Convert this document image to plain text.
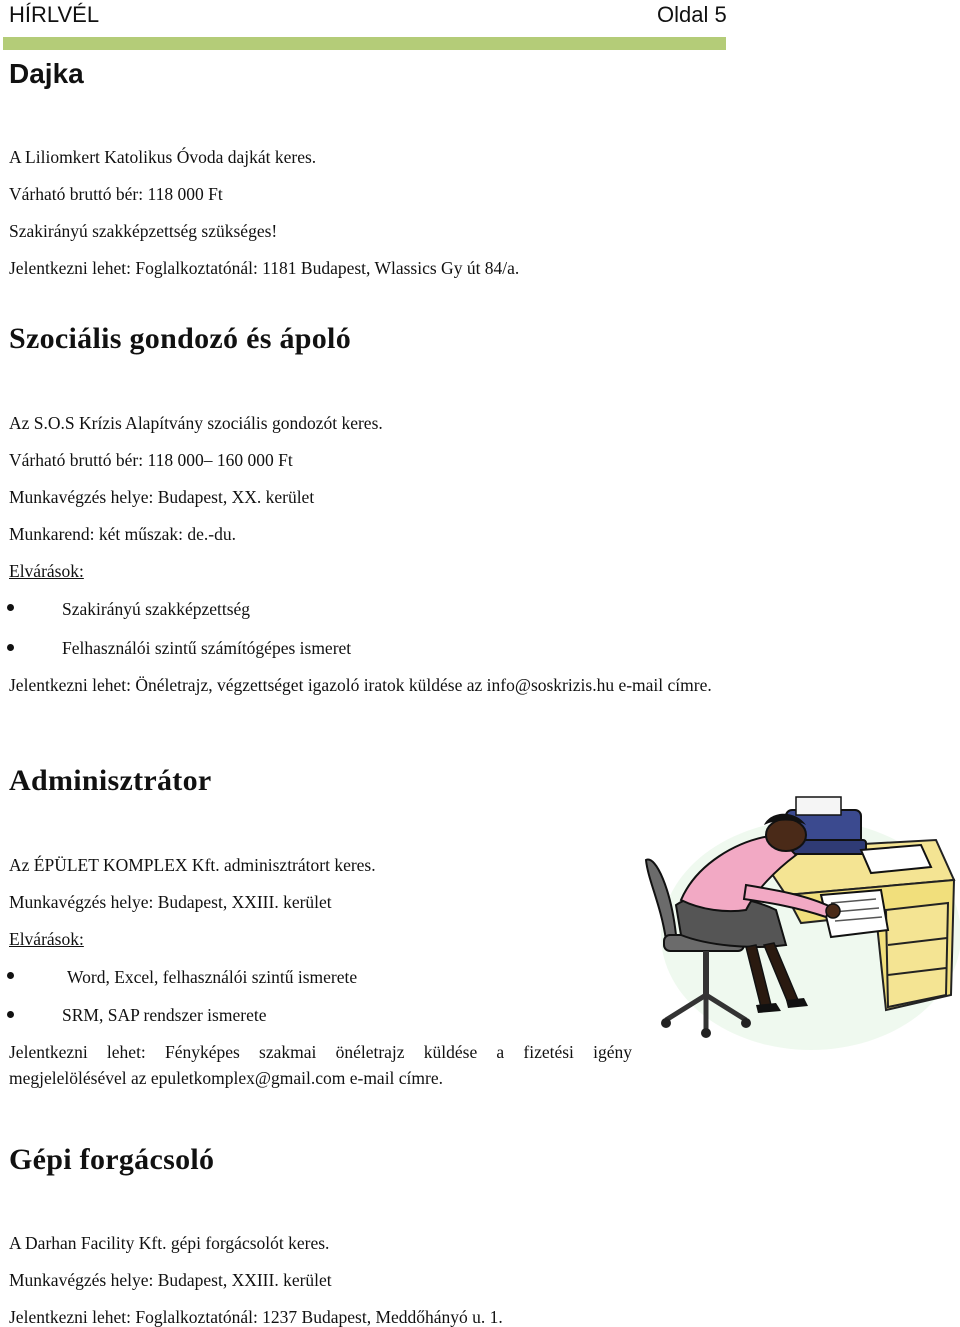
HÍRLVÉL	Oldal 5
Dajka
A Liliomkert Katolikus Óvoda dajkát keres.
Várható bruttó bér: 118 000 Ft
Szakirányú szakképzettség szükséges!
Jelentkezni lehet: Foglalkoztatónál: 1181 Budapest, Wlassics Gy út 84/a.
Szociális gondozó és ápoló
Az S.O.S Krízis Alapítvány szociális gondozót keres.
Várható bruttó bér: 118 000– 160 000 Ft
Munkavégzés helye: Budapest, XX. kerület
Munkarend: két műszak: de.-du.
Elvárások:
Szakirányú szakképzettség
Felhasználói szintű számítógépes ismeret
Jelentkezni lehet: Önéletrajz, végzettséget igazoló iratok küldése az info@soskrizis.hu e-mail címre.
Adminisztrátor
Az ÉPÜLET KOMPLEX Kft. adminisztrátort keres.
Munkavégzés helye: Budapest, XXIII. kerület
Elvárások:
Word, Excel, felhasználói szintű ismerete
SRM, SAP rendszer ismerete
Jelentkezni lehet: Fényképes szakmai önéletrajz küldése a fizetési igény
megjelelölésével az epuletkomplex@gmail.com e-mail címre.
Gépi forgácsoló
A Darhan Facility Kft. gépi forgácsolót keres.
Munkavégzés helye: Budapest, XXIII. kerület
Jelentkezni lehet: Foglalkoztatónál: 1237 Budapest, Meddőhányó u. 1.
